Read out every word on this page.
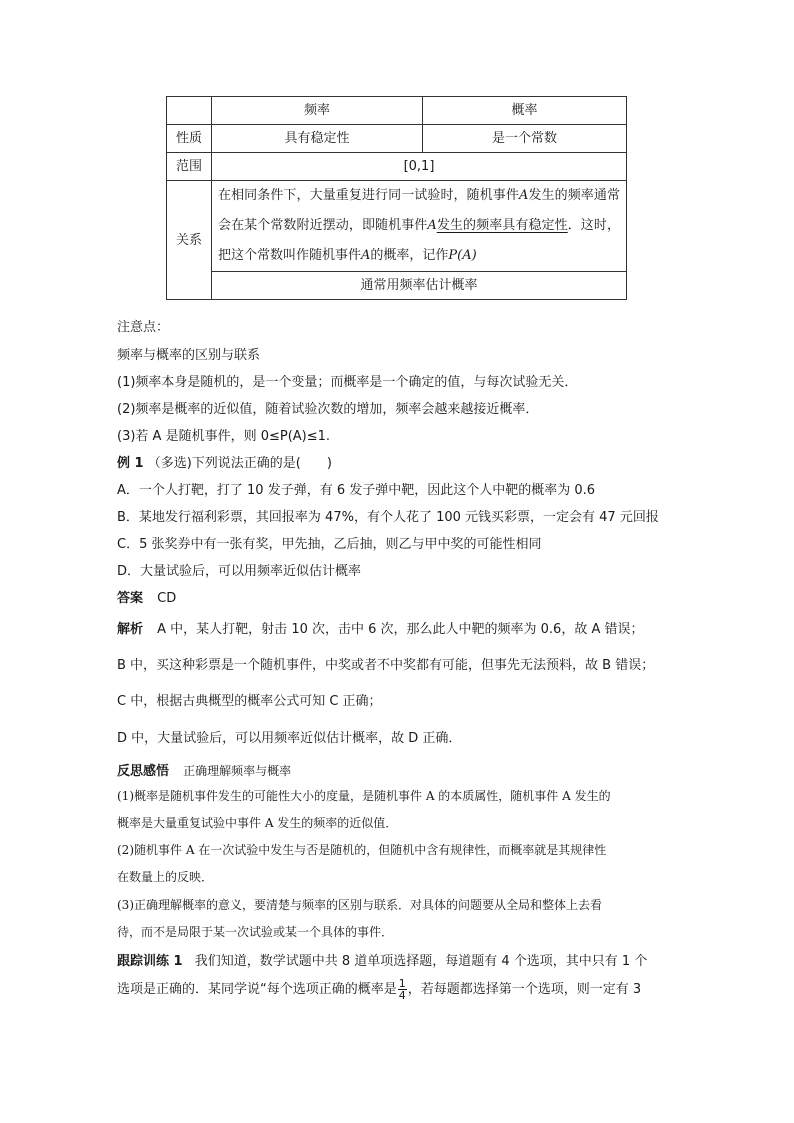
	频率	概率
性质	具有稳定性	是一个常数
范围	[0,1]	
关系	在相同条件下，大量重复进行同一试验时，随机事件A发生的频率通常会在某个常数附近摆动，即随机事件A发生的频率具有稳定性．这时，把这个常数叫作随机事件A的概率，记作P(A)	
	通常用频率估计概率	
注意点：
频率与概率的区别与联系
(1)频率本身是随机的，是一个变量；而概率是一个确定的值，与每次试验无关．
(2)频率是概率的近似值，随着试验次数的增加，频率会越来越接近概率．
(3)若 A 是随机事件，则 0≤P(A)≤1.
例 1 （多选)下列说法正确的是(　　)
A．一个人打靶，打了 10 发子弹，有 6 发子弹中靶，因此这个人中靶的概率为 0.6
B．某地发行福利彩票，其回报率为 47%，有个人花了 100 元钱买彩票，一定会有 47 元回报
C．5 张奖券中有一张有奖，甲先抽，乙后抽，则乙与甲中奖的可能性相同
D．大量试验后，可以用频率近似估计概率
答案 CD
解析 A 中，某人打靶，射击 10 次，击中 6 次，那么此人中靶的频率为 0.6，故 A 错误；
B 中，买这种彩票是一个随机事件，中奖或者不中奖都有可能，但事先无法预料，故 B 错误；
C 中，根据古典概型的概率公式可知 C 正确；
D 中，大量试验后，可以用频率近似估计概率，故 D 正确．
反思感悟 正确理解频率与概率
(1)概率是随机事件发生的可能性大小的度量，是随机事件 A 的本质属性，随机事件 A 发生的
概率是大量重复试验中事件 A 发生的频率的近似值．
(2)随机事件 A 在一次试验中发生与否是随机的，但随机中含有规律性，而概率就是其规律性
在数量上的反映．
(3)正确理解概率的意义，要清楚与频率的区别与联系．对具体的问题要从全局和整体上去看
待，而不是局限于某一次试验或某一个具体的事件．
跟踪训练 1 我们知道，数学试题中共 8 道单项选择题，每道题有 4 个选项，其中只有 1 个
选项是正确的．某同学说“每个选项正确的概率是 $\frac{1}{4}$ ，若每题都选择第一个选项，则一定有 3
